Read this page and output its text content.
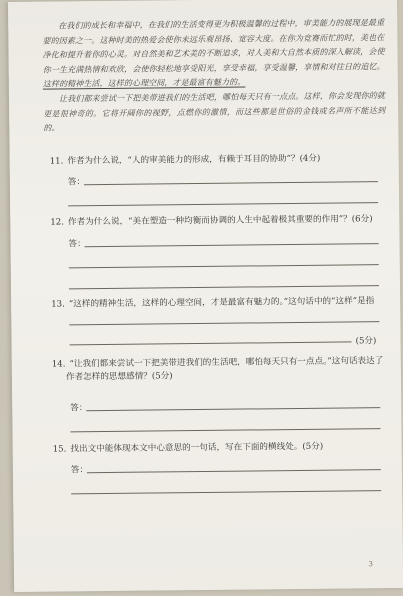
在我们的成长和幸福中，在我们的生活变得更为积极温馨的过程中，审美能力的展现是最重要的因素之一。这种时美的热爱会使你未远乐观昂扬、宽容大度。在你为竞赛而忙的时，美也在净化和提升着你的心灵。对自然美和艺术美的不断追求，对人美和大自然本质的深入解读，会使你一生充满热情和欢欣，会使你轻松地享受阳光，享受幸福，享受温馨，享情和对往日的追忆。这样的精神生活，这样的心理空间，才是最富有魅力的。

让我们都来尝试一下把美带进我们的生活吧，哪怕每天只有一点点。这样，你会发现你的就更是很神奇的。它将开阔你的视野，点燃你的激情，而这些都是世俗的金钱或名声所不能达到的。

11. 作者为什么说，“人的审美能力的形成，有赖于耳目的协助”？(4分)
答：
12. 作者为什么说，“美在塑造一种均衡而协调的人生中起着极其重要的作用”？(6分)
答：
13. “这样的精神生活，这样的心理空间，才是最富有魅力的。”这句话中的“这样”是指
(5分)
14. “让我们都来尝试一下把美带进我们的生活吧，哪怕每天只有一点点。”这句话表达了
作者怎样的思想感情？(5分)
答：
15. 找出文中能体现本文中心意思的一句话，写在下面的横线处。(5分)
答：
3
